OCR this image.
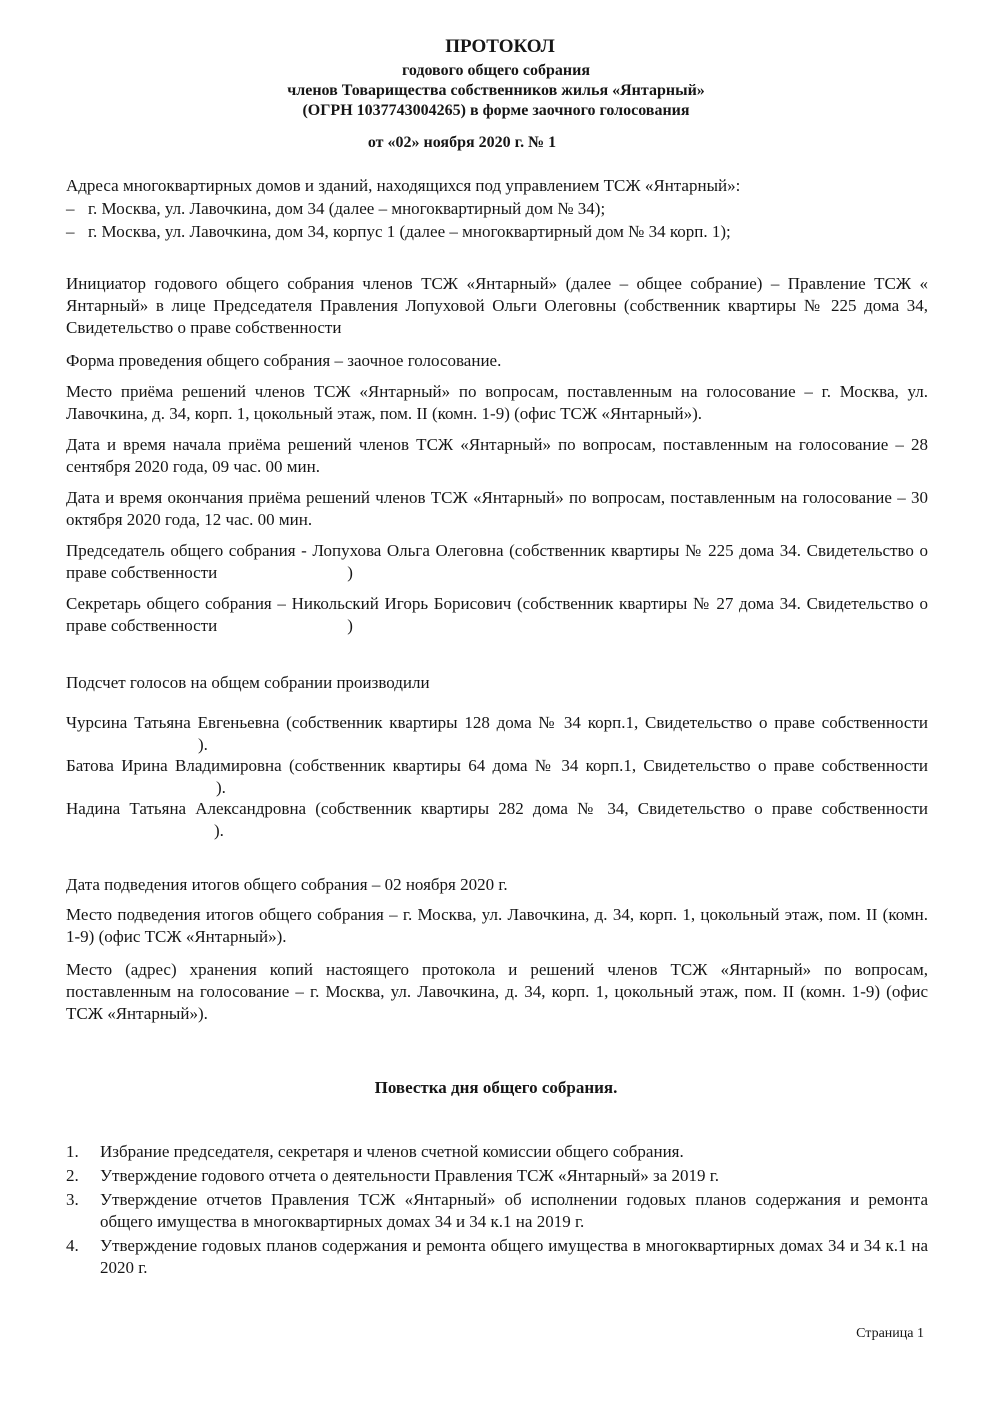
ПРОТОКОЛ
годового общего собрания
членов Товарищества собственников жилья «Янтарный»
(ОГРН 1037743004265) в форме заочного голосования
от «02» ноября 2020 г. № 1

Адреса многоквартирных домов и зданий, находящихся под управлением ТСЖ «Янтарный»:

– г. Москва, ул. Лавочкина, дом 34 (далее – многоквартирный дом № 34);

– г. Москва, ул. Лавочкина, дом 34, корпус 1 (далее – многоквартирный дом № 34 корп. 1);

Инициатор годового общего собрания членов ТСЖ «Янтарный» (далее – общее собрание) – Правление ТСЖ « Янтарный» в лице Председателя Правления Лопуховой Ольги Олеговны (собственник квартиры № 225 дома 34, Свидетельство о праве собственности

Форма проведения общего собрания – заочное голосование.

Место приёма решений членов ТСЖ «Янтарный» по вопросам, поставленным на голосование – г. Москва, ул. Лавочкина, д. 34, корп. 1, цокольный этаж, пом. II (комн. 1-9) (офис ТСЖ «Янтарный»).

Дата и время начала приёма решений членов ТСЖ «Янтарный» по вопросам, поставленным на голосование – 28 сентября 2020 года, 09 час. 00 мин.

Дата и время окончания приёма решений членов ТСЖ «Янтарный» по вопросам, поставленным на голосование – 30 октября 2020 года, 12 час. 00 мин.

Председатель общего собрания - Лопухова Ольга Олеговна (собственник квартиры № 225 дома 34. Свидетельство о праве собственности	)

Секретарь общего собрания – Никольский Игорь Борисович (собственник квартиры № 27 дома 34. Свидетельство о праве собственности	)

Подсчет голосов на общем собрании производили

Чурсина Татьяна Евгеньевна (собственник квартиры 128 дома № 34 корп.1, Свидетельство о праве собственности ).

Батова Ирина Владимировна (собственник квартиры 64 дома № 34 корп.1, Свидетельство о праве собственности ).

Надина Татьяна Александровна (собственник квартиры 282 дома № 34, Свидетельство о праве собственности ).

Дата подведения итогов общего собрания – 02 ноября 2020 г.

Место подведения итогов общего собрания – г. Москва, ул. Лавочкина, д. 34, корп. 1, цокольный этаж, пом. II (комн. 1-9) (офис ТСЖ «Янтарный»).

Место (адрес) хранения копий настоящего протокола и решений членов ТСЖ «Янтарный» по вопросам, поставленным на голосование – г. Москва, ул. Лавочкина, д. 34, корп. 1, цокольный этаж, пом. II (комн. 1-9) (офис ТСЖ «Янтарный»).

Повестка дня общего собрания.
1. Избрание председателя, секретаря и членов счетной комиссии общего собрания.
2. Утверждение годового отчета о деятельности Правления ТСЖ «Янтарный» за 2019 г.
3. Утверждение отчетов Правления ТСЖ «Янтарный» об исполнении годовых планов содержания и ремонта общего имущества в многоквартирных домах 34 и 34 к.1 на 2019 г.
4. Утверждение годовых планов содержания и ремонта общего имущества в многоквартирных домах 34 и 34 к.1 на 2020 г.
Страница 1
